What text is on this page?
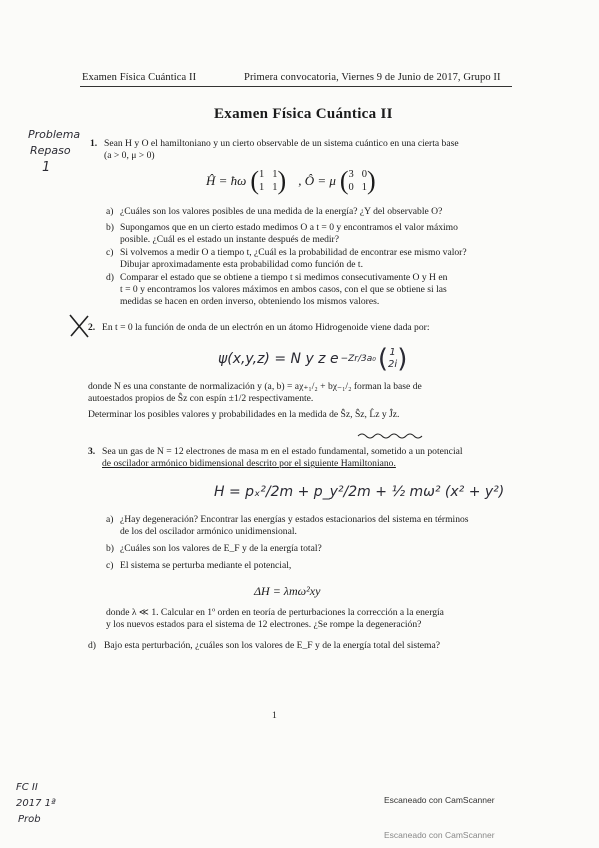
Examen Física Cuántica II	Primera convocatoria, Viernes 9 de Junio de 2017, Grupo II
Examen Física Cuántica II
Problema
Repaso
1
1. Sean H y O el hamiltoniano y un cierto observable de un sistema cuántico en una cierta base
(a > 0, μ > 0)
Ĥ = ħω ( 1 1
1 1 ) , Ô = μ ( 3 0
0 1 )
a) ¿Cuáles son los valores posibles de una medida de la energía? ¿Y del observable O?
b) Supongamos que en un cierto estado medimos O a t = 0 y encontramos el valor máximo
posible. ¿Cuál es el estado un instante después de medir?
c) Si volvemos a medir O a tiempo t, ¿Cuál es la probabilidad de encontrar ese mismo valor?
Dibujar aproximadamente esta probabilidad como función de t.
d) Comparar el estado que se obtiene a tiempo t si medimos consecutivamente O y H en
t = 0 y encontramos los valores máximos en ambos casos, con el que se obtiene si las
medidas se hacen en orden inverso, obteniendo los mismos valores.
2. En t = 0 la función de onda de un electrón en un átomo Hidrogenoide viene dada por:
ψ(x,y,z) = N y z e −Zr/3a₀ ( 1
2i )
donde N es una constante de normalización y (a, b) = aχ₊₁/₂ + bχ₋₁/₂ forman la base de
autoestados propios de Ŝz con espín ±1/2 respectivamente.
Determinar los posibles valores y probabilidades en la medida de Ŝz, Ŝz, L̂z y Ĵz.
3. Sea un gas de N = 12 electrones de masa m en el estado fundamental, sometido a un potencial
de oscilador armónico bidimensional descrito por el siguiente Hamiltoniano.
H = pₓ²/2m + p_y²/2m + ½ mω² (x² + y²)
a) ¿Hay degeneración? Encontrar las energías y estados estacionarios del sistema en términos
de los del oscilador armónico unidimensional.
b) ¿Cuáles son los valores de E_F y de la energía total?
c) El sistema se perturba mediante el potencial,
ΔH = λmω²xy
donde λ ≪ 1. Calcular en 1º orden en teoría de perturbaciones la corrección a la energía
y los nuevos estados para el sistema de 12 electrones. ¿Se rompe la degeneración?
d) Bajo esta perturbación, ¿cuáles son los valores de E_F y de la energía total del sistema?
1
FC II
2017 1ª
Prob
Escaneado con CamScanner
Escaneado con CamScanner
